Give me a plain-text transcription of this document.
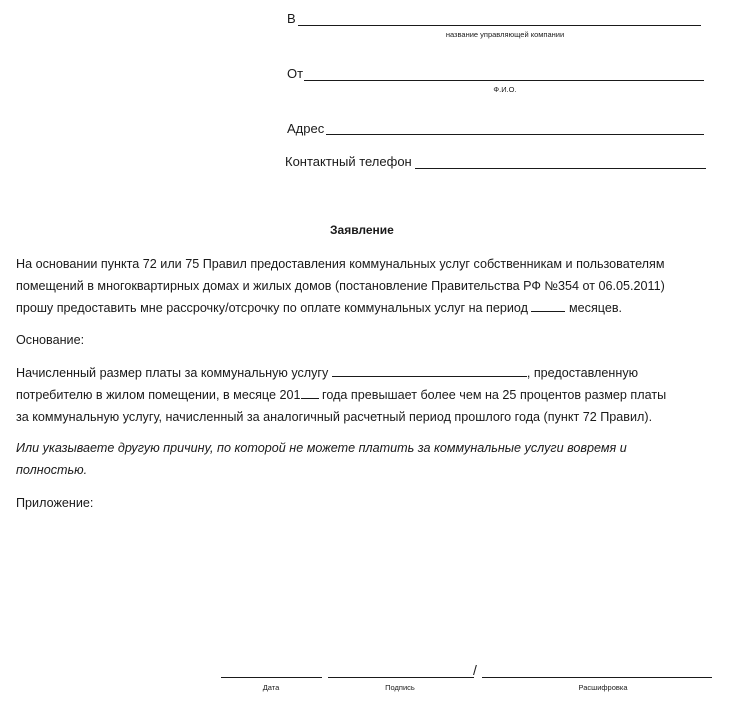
В
название управляющей компании
От
Ф.И.О.
Адрес
Контактный телефон
Заявление
На основании пункта 72 или 75 Правил предоставления коммунальных услуг собственникам и пользователям
помещений в многоквартирных домах и жилых домов (постановление Правительства РФ №354 от 06.05.2011)
прошу предоставить мне рассрочку/отсрочку по оплате коммунальных услуг на период	месяцев.
Основание:
Начисленный размер платы за коммунальную услугу	, предоставленную
потребителю в жилом помещении, в месяце 201 года превышает более чем на 25 процентов размер платы
за коммунальную услугу, начисленный за аналогичный расчетный период прошлого года (пункт 72 Правил).
Или указываете другую причину, по которой не можете платить за коммунальные услуги вовремя и
полностью.
Приложение:
/
Дата	Подпись	Расшифровка
